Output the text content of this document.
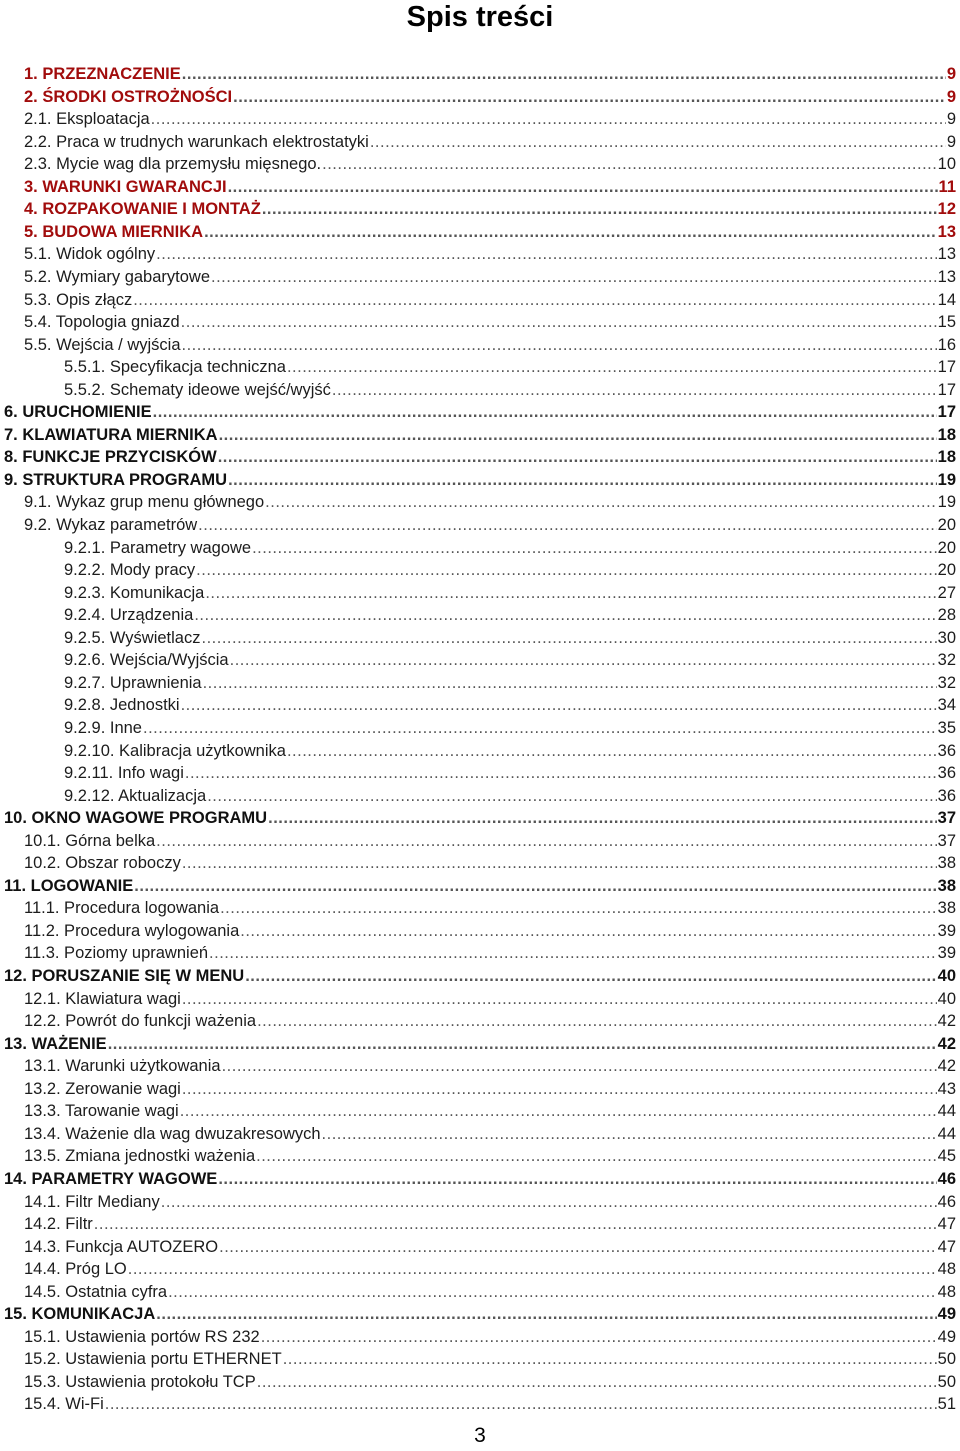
Spis treści
1. PRZEZNACZENIE .....	9
2. ŚRODKI OSTROŻNOŚCI .....	9
2.1. Eksploatacja .....	9
2.2. Praca w trudnych warunkach elektrostatyki .....	9
2.3. Mycie wag dla przemysłu mięsnego. .....	10
3. WARUNKI GWARANCJI .....	11
4. ROZPAKOWANIE I MONTAŻ .....	12
5. BUDOWA MIERNIKA .....	13
5.1. Widok ogólny .....	13
5.2. Wymiary gabarytowe .....	13
5.3. Opis złącz .....	14
5.4. Topologia gniazd .....	15
5.5. Wejścia / wyjścia .....	16
5.5.1. Specyfikacja techniczna .....	17
5.5.2. Schematy ideowe wejść/wyjść .....	17
6. URUCHOMIENIE .....	17
7. KLAWIATURA MIERNIKA .....	18
8. FUNKCJE PRZYCISKÓW .....	18
9. STRUKTURA PROGRAMU .....	19
9.1. Wykaz grup menu głównego .....	19
9.2. Wykaz parametrów .....	20
9.2.1. Parametry wagowe .....	20
9.2.2. Mody pracy .....	20
9.2.3. Komunikacja .....	27
9.2.4. Urządzenia .....	28
9.2.5. Wyświetlacz .....	30
9.2.6. Wejścia/Wyjścia .....	32
9.2.7. Uprawnienia .....	32
9.2.8. Jednostki .....	34
9.2.9. Inne .....	35
9.2.10. Kalibracja użytkownika .....	36
9.2.11. Info wagi .....	36
9.2.12. Aktualizacja .....	36
10. OKNO WAGOWE PROGRAMU .....	37
10.1. Górna belka .....	37
10.2. Obszar roboczy .....	38
11. LOGOWANIE .....	38
11.1. Procedura logowania .....	38
11.2. Procedura wylogowania .....	39
11.3. Poziomy uprawnień .....	39
12. PORUSZANIE SIĘ W MENU .....	40
12.1. Klawiatura wagi .....	40
12.2. Powrót do funkcji ważenia .....	42
13. WAŻENIE .....	42
13.1. Warunki użytkowania .....	42
13.2. Zerowanie wagi .....	43
13.3. Tarowanie wagi .....	44
13.4. Ważenie dla wag dwuzakresowych .....	44
13.5. Zmiana jednostki ważenia .....	45
14. PARAMETRY WAGOWE .....	46
14.1. Filtr Mediany .....	46
14.2. Filtr .....	47
14.3. Funkcja AUTOZERO .....	47
14.4. Próg LO .....	48
14.5. Ostatnia cyfra .....	48
15. KOMUNIKACJA .....	49
15.1. Ustawienia portów RS 232 .....	49
15.2. Ustawienia portu ETHERNET .....	50
15.3. Ustawienia protokołu TCP .....	50
15.4. Wi-Fi .....	51
3
